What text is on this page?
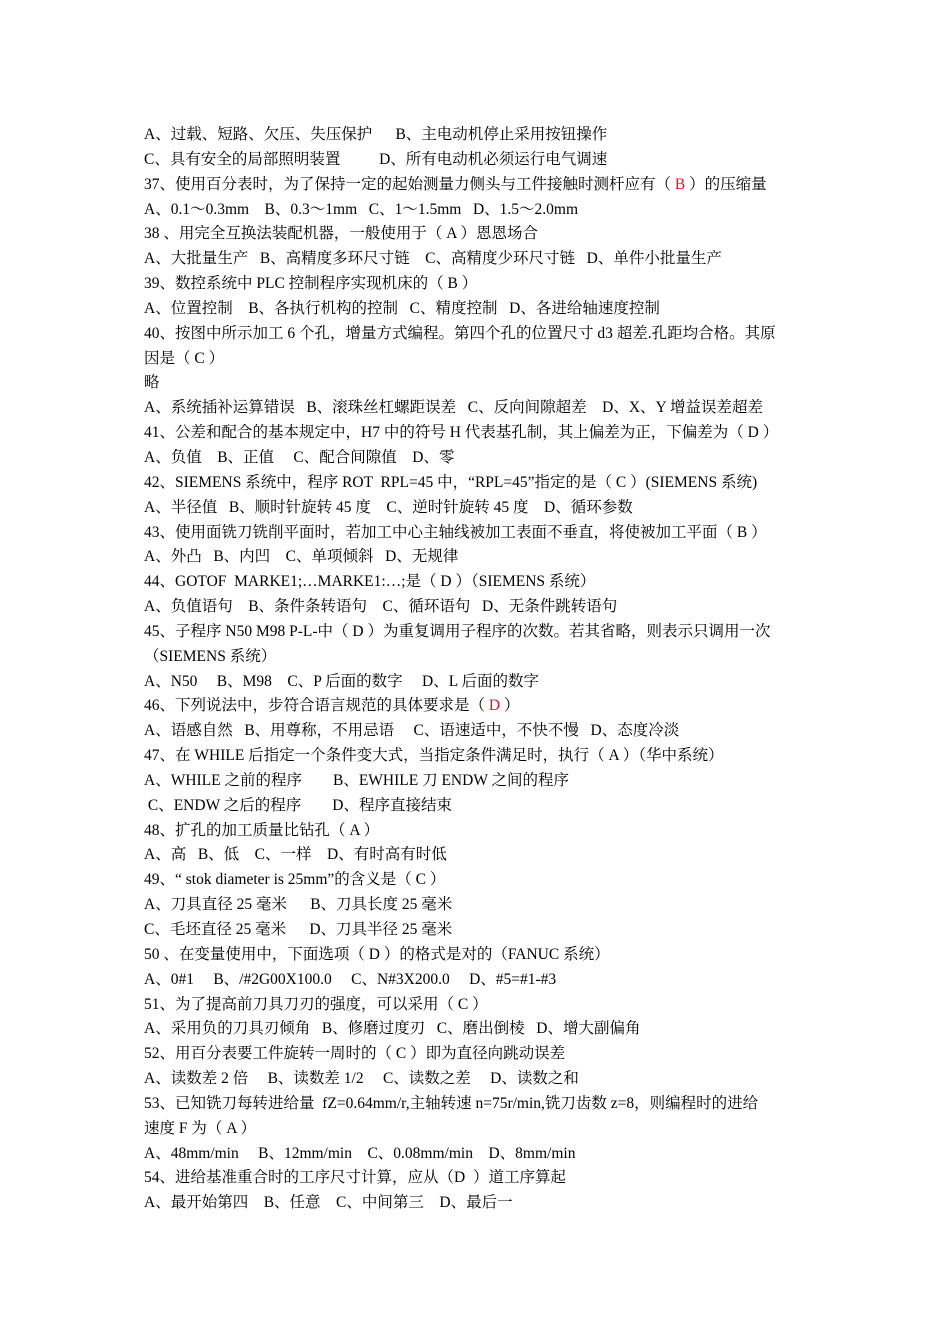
A、过载、短路、欠压、失压保护      B、主电动机停止采用按钮操作
C、具有安全的局部照明装置          D、所有电动机必须运行电气调速
37、使用百分表时，为了保持一定的起始测量力侧头与工件接触时测杆应有（ B ）的压缩量
A、0.1～0.3mm    B、0.3～1mm   C、1～1.5mm   D、1.5～2.0mm
38 、用完全互换法装配机器，一般使用于（ A ）恩恩场合
A、大批量生产   B、高精度多环尺寸链    C、高精度少环尺寸链   D、单件小批量生产
39、数控系统中 PLC 控制程序实现机床的（ B ）
A、位置控制    B、各执行机构的控制   C、精度控制   D、各进给轴速度控制
40、按图中所示加工 6 个孔，增量方式编程。第四个孔的位置尺寸 d3 超差.孔距均合格。其原
因是（ C ）
略
A、系统插补运算错误   B、滚珠丝杠螺距误差   C、反向间隙超差    D、X、Y 增益误差超差
41、公差和配合的基本规定中，H7 中的符号 H 代表基孔制，其上偏差为正，下偏差为（ D ）
A、负值    B、正值     C、配合间隙值    D、零
42、SIEMENS 系统中，程序 ROT  RPL=45 中，“RPL=45”指定的是（ C ）(SIEMENS 系统)
A、半径值   B、顺时针旋转 45 度    C、逆时针旋转 45 度    D、循环参数
43、使用面铣刀铣削平面时，若加工中心主轴线被加工表面不垂直，将使被加工平面（ B ）
A、外凸   B、内凹    C、单项倾斜   D、无规律
44、GOTOF  MARKE1;…MARKE1:…;是（ D ）（SIEMENS 系统）
A、负值语句    B、条件条转语句    C、循环语句   D、无条件跳转语句
45、子程序 N50 M98 P-L-中（ D ）为重复调用子程序的次数。若其省略，则表示只调用一次
（SIEMENS 系统）
A、N50     B、M98    C、P 后面的数字     D、L 后面的数字
46、下列说法中，步符合语言规范的具体要求是（ D ）
A、语感自然   B、用尊称，不用忌语     C、语速适中，不快不慢   D、态度冷淡
47、在 WHILE 后指定一个条件变大式，当指定条件满足时，执行（ A ）（华中系统）
A、WHILE 之前的程序        B、EWHILE 刀 ENDW 之间的程序
C、ENDW 之后的程序        D、程序直接结束
48、扩孔的加工质量比钻孔（ A ）
A、高   B、低    C、一样    D、有时高有时低
49、“ stok diameter is 25mm”的含义是（ C ）
A、刀具直径 25 毫米      B、刀具长度 25 毫米
C、毛坯直径 25 毫米      D、刀具半径 25 毫米
50 、在变量使用中，下面选项（ D ）的格式是对的（FANUC 系统）
A、0#1     B、/#2G00X100.0     C、N#3X200.0     D、#5=#1-#3
51、为了提高前刀具刀刃的强度，可以采用（ C ）
A、采用负的刀具刃倾角   B、修磨过度刃   C、磨出倒棱   D、增大副偏角
52、用百分表要工件旋转一周时的（ C ）即为直径向跳动误差
A、读数差 2 倍     B、读数差 1/2     C、读数之差     D、读数之和
53、已知铣刀每转进给量  fZ=0.64mm/r,主轴转速 n=75r/min,铣刀齿数 z=8，则编程时的进给
速度 F 为（ A ）
A、48mm/min     B、12mm/min    C、0.08mm/min    D、8mm/min
54、进给基准重合时的工序尺寸计算，应从（D  ）道工序算起
A、最开始第四    B、任意    C、中间第三    D、最后一
